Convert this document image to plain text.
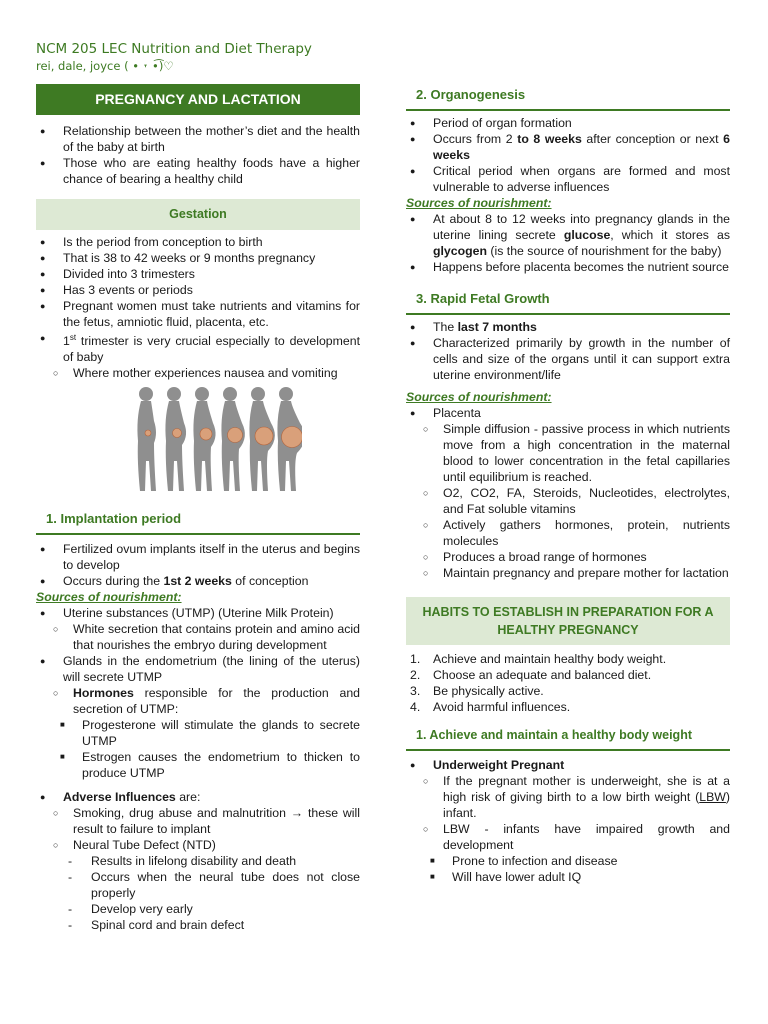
NCM 205 LEC Nutrition and Diet Therapy
rei, dale, joyce ( • ˕ •͡)♡
PREGNANCY AND LACTATION
● Relationship between the mother’s diet and the health of the baby at birth
● Those who are eating healthy foods have a higher chance of bearing a healthy child
Gestation
● Is the period from conception to birth
● That is 38 to 42 weeks or 9 months pregnancy
● Divided into 3 trimesters
● Has 3 events or periods
● Pregnant women must take nutrients and vitamins for the fetus, amniotic fluid, placenta, etc.
● 1st trimester is very crucial especially to development of baby
○ Where mother experiences nausea and vomiting
1. Implantation period
● Fertilized ovum implants itself in the uterus and begins to develop
● Occurs during the 1st 2 weeks of conception
Sources of nourishment:
● Uterine substances (UTMP) (Uterine Milk Protein)
○ White secretion that contains protein and amino acid that nourishes the embryo during development
● Glands in the endometrium (the lining of the uterus) will secrete UTMP
○ Hormones responsible for the production and secretion of UTMP:
■ Progesterone will stimulate the glands to secrete UTMP
■ Estrogen causes the endometrium to thicken to produce UTMP
● Adverse Influences are:
○ Smoking, drug abuse and malnutrition → these will result to failure to implant
○ Neural Tube Defect (NTD)
- Results in lifelong disability and death
- Occurs when the neural tube does not close properly
- Develop very early
- Spinal cord and brain defect
2. Organogenesis
● Period of organ formation
● Occurs from 2 to 8 weeks after conception or next 6 weeks
● Critical period when organs are formed and most vulnerable to adverse influences
Sources of nourishment:
● At about 8 to 12 weeks into pregnancy glands in the uterine lining secrete glucose, which it stores as glycogen (is the source of nourishment for the baby)
● Happens before placenta becomes the nutrient source
3. Rapid Fetal Growth
● The last 7 months
● Characterized primarily by growth in the number of cells and size of the organs until it can support extra uterine environment/life
Sources of nourishment:
● Placenta
○ Simple diffusion - passive process in which nutrients move from a high concentration in the maternal blood to lower concentration in the fetal capillaries until equilibrium is reached.
○ O2, CO2, FA, Steroids, Nucleotides, electrolytes, and Fat soluble vitamins
○ Actively gathers hormones, protein, nutrients molecules
○ Produces a broad range of hormones
○ Maintain pregnancy and prepare mother for lactation
HABITS TO ESTABLISH IN PREPARATION FOR A HEALTHY PREGNANCY
1. Achieve and maintain healthy body weight.
2. Choose an adequate and balanced diet.
3. Be physically active.
4. Avoid harmful influences.
1. Achieve and maintain a healthy body weight
● Underweight Pregnant
○ If the pregnant mother is underweight, she is at a high risk of giving birth to a low birth weight (LBW) infant.
○ LBW - infants have impaired growth and development
■ Prone to infection and disease
■ Will have lower adult IQ
